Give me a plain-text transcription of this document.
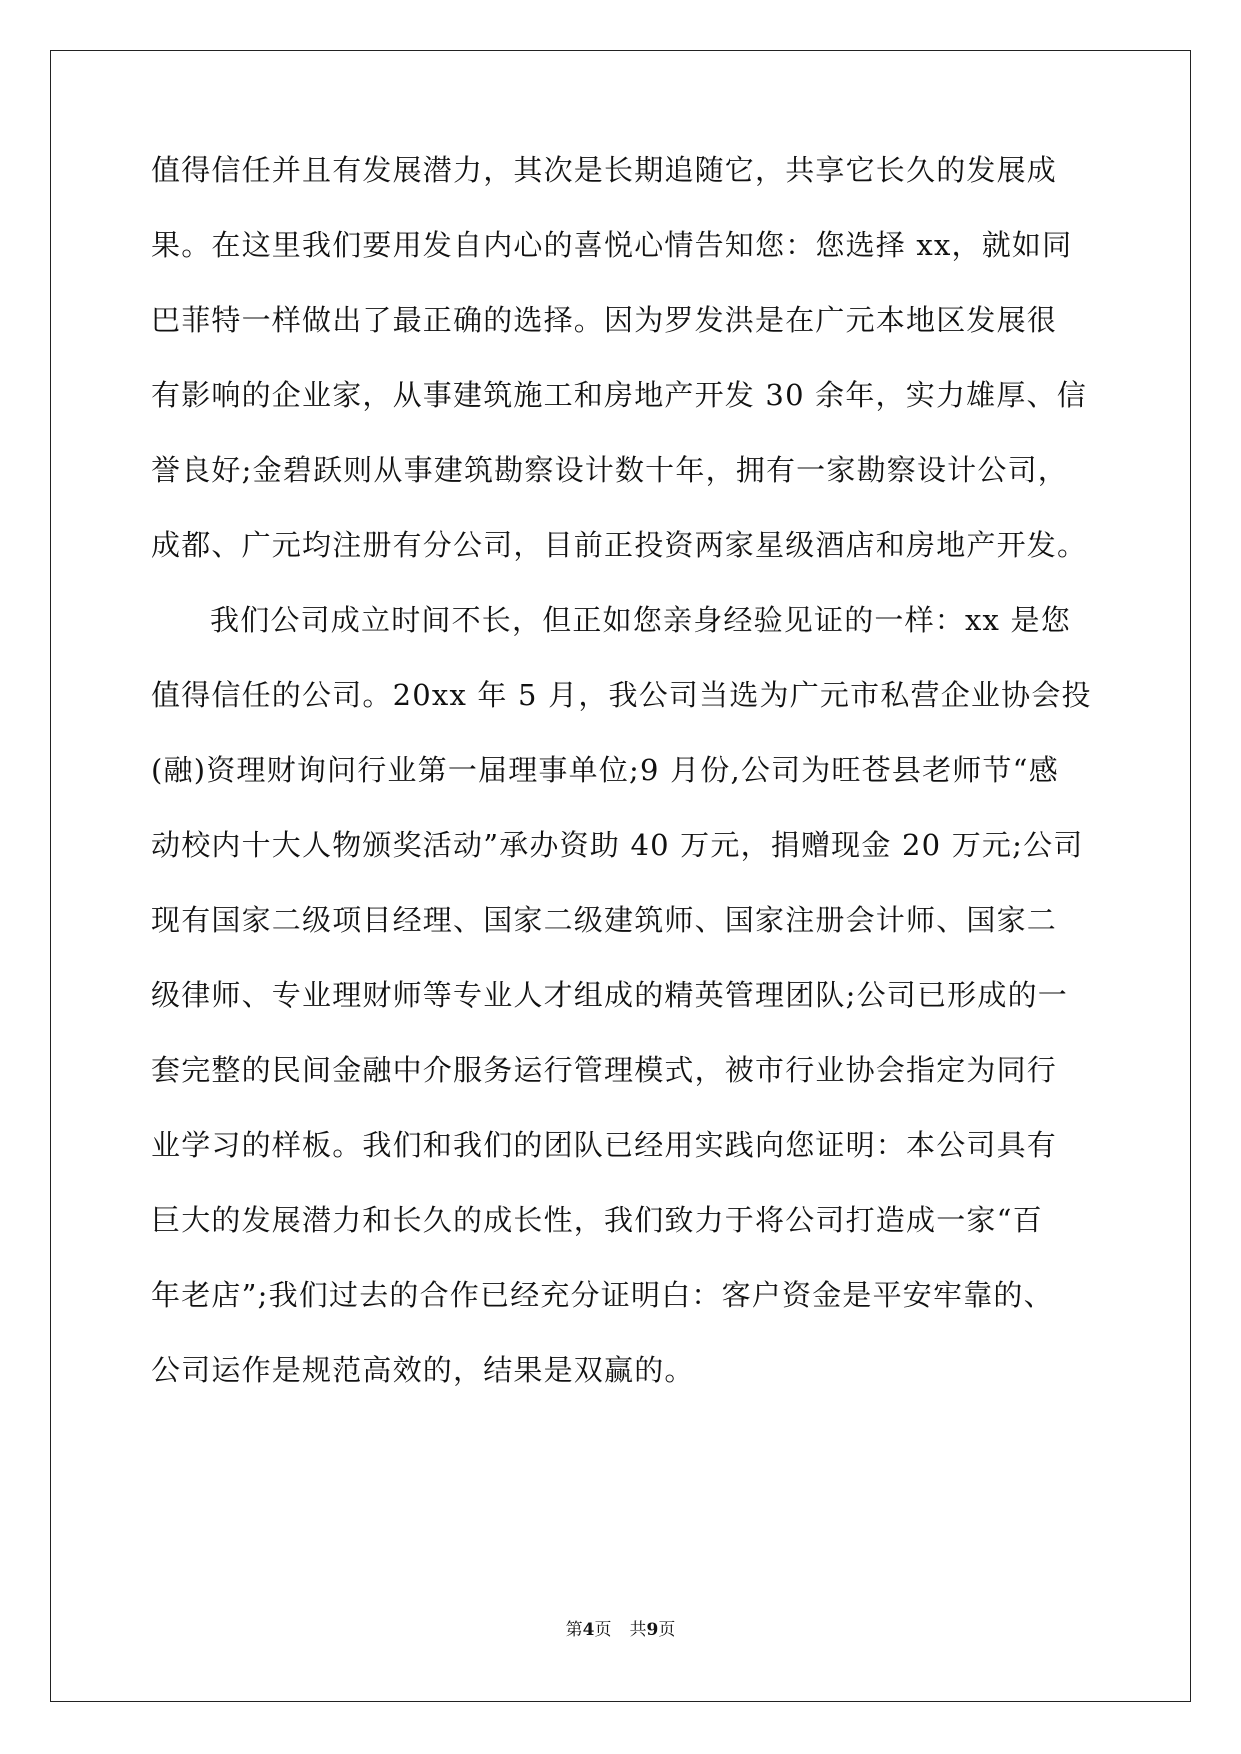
值得信任并且有发展潜力，其次是长期追随它，共享它长久的发展成
果。在这里我们要用发自内心的喜悦心情告知您：您选择 xx，就如同
巴菲特一样做出了最正确的选择。因为罗发洪是在广元本地区发展很
有影响的企业家，从事建筑施工和房地产开发 30 余年，实力雄厚、信
誉良好;金碧跃则从事建筑勘察设计数十年，拥有一家勘察设计公司，
成都、广元均注册有分公司，目前正投资两家星级酒店和房地产开发。
我们公司成立时间不长，但正如您亲身经验见证的一样：xx 是您
值得信任的公司。20xx 年 5 月，我公司当选为广元市私营企业协会投
(融)资理财询问行业第一届理事单位;9 月份,公司为旺苍县老师节“感
动校内十大人物颁奖活动”承办资助 40 万元，捐赠现金 20 万元;公司
现有国家二级项目经理、国家二级建筑师、国家注册会计师、国家二
级律师、专业理财师等专业人才组成的精英管理团队;公司已形成的一
套完整的民间金融中介服务运行管理模式，被市行业协会指定为同行
业学习的样板。我们和我们的团队已经用实践向您证明：本公司具有
巨大的发展潜力和长久的成长性，我们致力于将公司打造成一家“百
年老店”;我们过去的合作已经充分证明白：客户资金是平安牢靠的、
公司运作是规范高效的，结果是双赢的。
第4页 共9页
